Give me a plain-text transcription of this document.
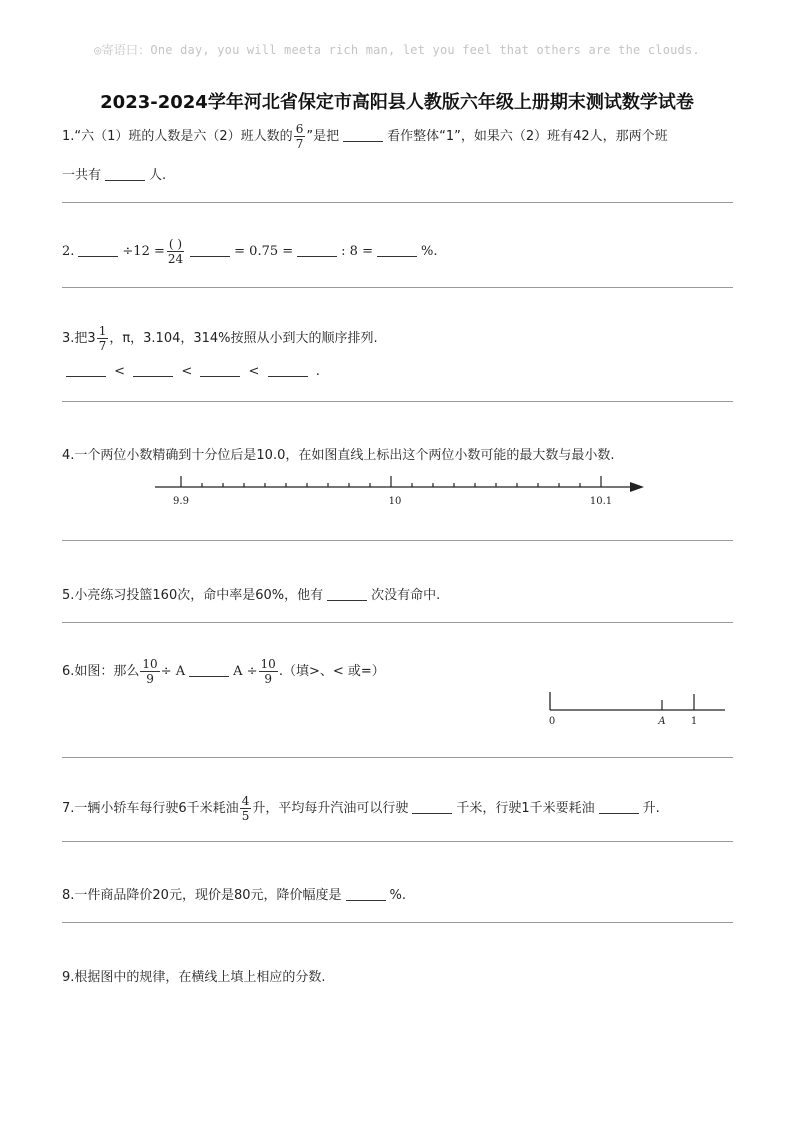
◎寄语曰：One day, you will meeta rich man, let you feel that others are the clouds.
2023-2024学年河北省保定市高阳县人教版六年级上册期末测试数学试卷
1.“六（1）班的人数是六（2）班人数的 $\frac{6}{7}$ ”是把	看作整体“1”，如果六（2）班有42人，那两个班
一共有	人.
2.	$\div 12 = \frac{( )}{24}$	= 0.75 =	: 8 =	%.
3.把$3 \frac{1}{7}$ ，π，3.104，314%按照从小到大的顺序排列.
<	<	<	.
4.一个两位小数精确到十分位后是10.0，在如图直线上标出这个两位小数可能的最大数与最小数.
9.9	10	10.1
5.小亮练习投篮160次，命中率是60%，他有	次没有命中.
6.如图：那么 $\frac{10}{9} \div A$	$A \div \frac{10}{9}$ .（填>、< 或=）
0	A	1
7.一辆小轿车每行驶6千米耗油 $\frac{4}{5}$ 升，平均每升汽油可以行驶	千米，行驶1千米要耗油	升.
8.一件商品降价20元，现价是80元，降价幅度是	%.
9.根据图中的规律，在横线上填上相应的分数.
